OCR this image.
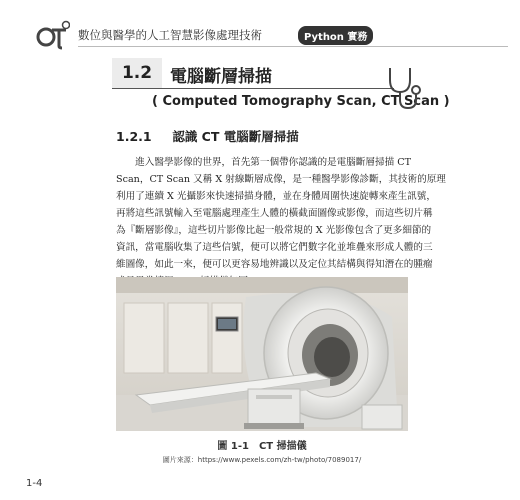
數位與醫學的人工智慧影像處理技術	Python 實務
1.2	電腦斷層掃描
( Computed Tomography Scan, CT Scan )
1.2.1 認識 CT 電腦斷層掃描
　　進入醫學影像的世界，首先第一個帶你認識的是電腦斷層掃描 CT
Scan，CT Scan 又稱 X 射線斷層成像，是一種醫學影像診斷，其技術的原理
利用了連續 X 光攝影來快速掃描身體，並在身體周圍快速旋轉來產生訊號，
再將這些訊號輸入至電腦處理產生人體的橫截面圖像或影像，而這些切片稱
為『斷層影像』，這些切片影像比起一般常規的 X 光影像包含了更多細節的
資訊，當電腦收集了這些信號，便可以將它們數字化並堆疊來形成人體的三
維圖像，如此一來，便可以更容易地辨識以及定位其結構與得知潛在的腫瘤
圖 1-1 CT 掃描儀
圖片來源：https://www.pexels.com/zh-tw/photo/7089017/
1-4
